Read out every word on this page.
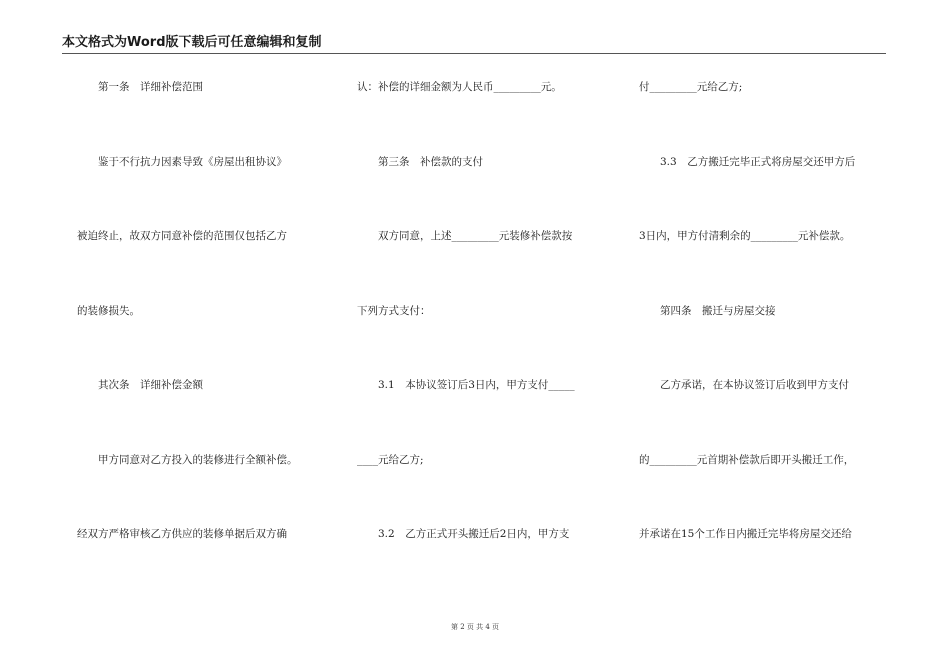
本文格式为Word版下载后可任意编辑和复制
　　第一条　详细补偿范围
　　鉴于不行抗力因素导致《房屋出租协议》
被迫终止，故双方同意补偿的范围仅包括乙方
的装修损失。
　　其次条　详细补偿金额
　　甲方同意对乙方投入的装修进行全额补偿。
经双方严格审核乙方供应的装修单据后双方确
认：补偿的详细金额为人民币_________元。
　　第三条　补偿款的支付
　　双方同意，上述_________元装修补偿款按
下列方式支付：
　　3.1　本协议签订后3日内，甲方支付_____
____元给乙方;
　　3.2　乙方正式开头搬迁后2日内，甲方支
付_________元给乙方;
　　3.3　乙方搬迁完毕正式将房屋交还甲方后
3日内，甲方付清剩余的_________元补偿款。
　　第四条　搬迁与房屋交接
　　乙方承诺，在本协议签订后收到甲方支付
的_________元首期补偿款后即开头搬迁工作，
并承诺在15个工作日内搬迁完毕将房屋交还给
第 2 页 共 4 页
